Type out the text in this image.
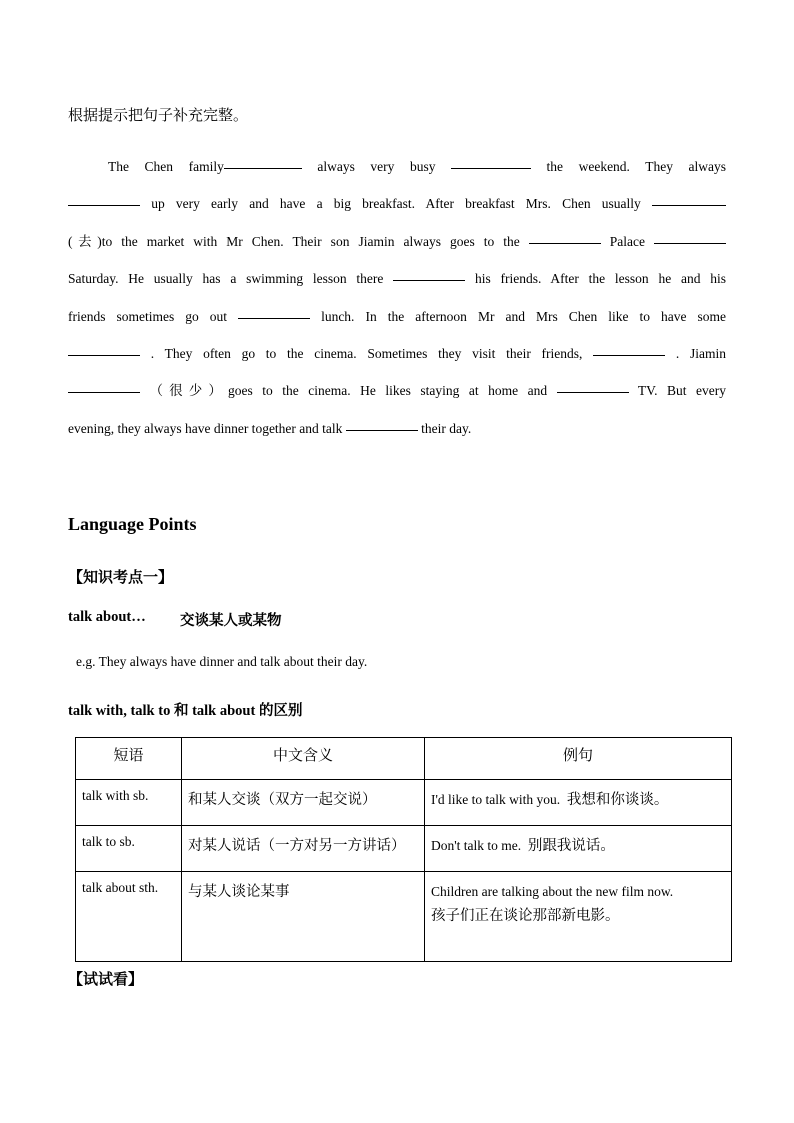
根据提示把句子补充完整。
The Chen family	always very busy	the weekend. They always
up very early and have a big breakfast. After breakfast Mrs. Chen usually
(去)to the market with Mr Chen. Their son Jiamin always goes to the	Palace
Saturday. He usually has a swimming lesson there	his friends. After the lesson he and his
friends sometimes go out	lunch. In the afternoon Mr and Mrs Chen like to have some
. They often go to the cinema. Sometimes they visit their friends,	. Jiamin
（很少）goes to the cinema. He likes staying at home and	TV. But every
evening, they always have dinner together and talk	their day.
Language Points
【知识考点一】
talk about… 交谈某人或某物
e.g. They always have dinner and talk about their day.
talk with, talk to 和 talk about 的区别
短语	中文含义	例句
talk with sb.	和某人交谈（双方一起交说）	I'd like to talk with you. 我想和你谈谈。
talk to sb.	对某人说话（一方对另一方讲话）	Don't talk to me. 别跟我说话。
talk about sth.	与某人谈论某事	Children are talking about the new film now.
孩子们正在谈论那部新电影。
【试试看】
